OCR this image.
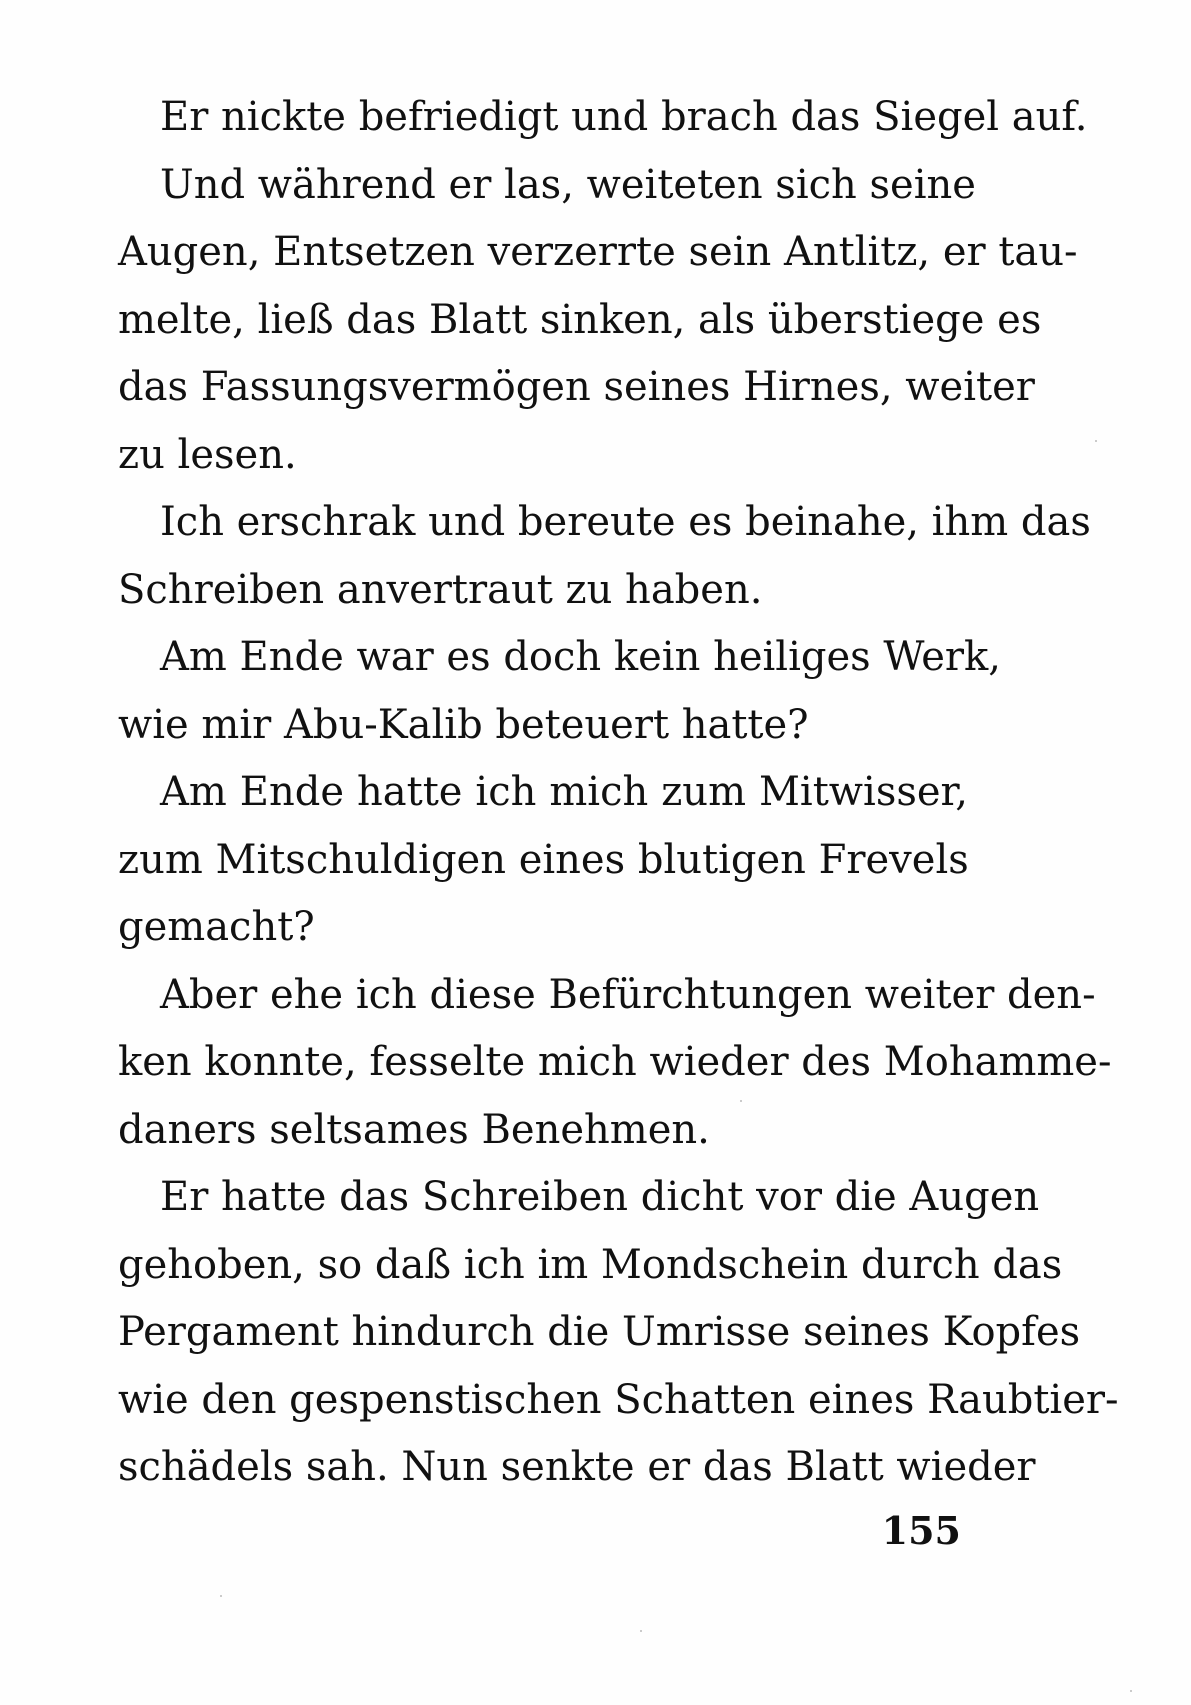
Er nickte befriedigt und brach das Siegel auf.
Und während er las, weiteten sich seine
Augen, Entsetzen verzerrte sein Antlitz, er tau-
melte, ließ das Blatt sinken, als überstiege es
das Fassungsvermögen seines Hirnes, weiter
zu lesen.
Ich erschrak und bereute es beinahe, ihm das
Schreiben anvertraut zu haben.
Am Ende war es doch kein heiliges Werk,
wie mir Abu-Kalib beteuert hatte?
Am Ende hatte ich mich zum Mitwisser,
zum Mitschuldigen eines blutigen Frevels
gemacht?
Aber ehe ich diese Befürchtungen weiter den-
ken konnte, fesselte mich wieder des Mohamme-
daners seltsames Benehmen.
Er hatte das Schreiben dicht vor die Augen
gehoben, so daß ich im Mondschein durch das
Pergament hindurch die Umrisse seines Kopfes
wie den gespenstischen Schatten eines Raubtier-
schädels sah. Nun senkte er das Blatt wieder
155
